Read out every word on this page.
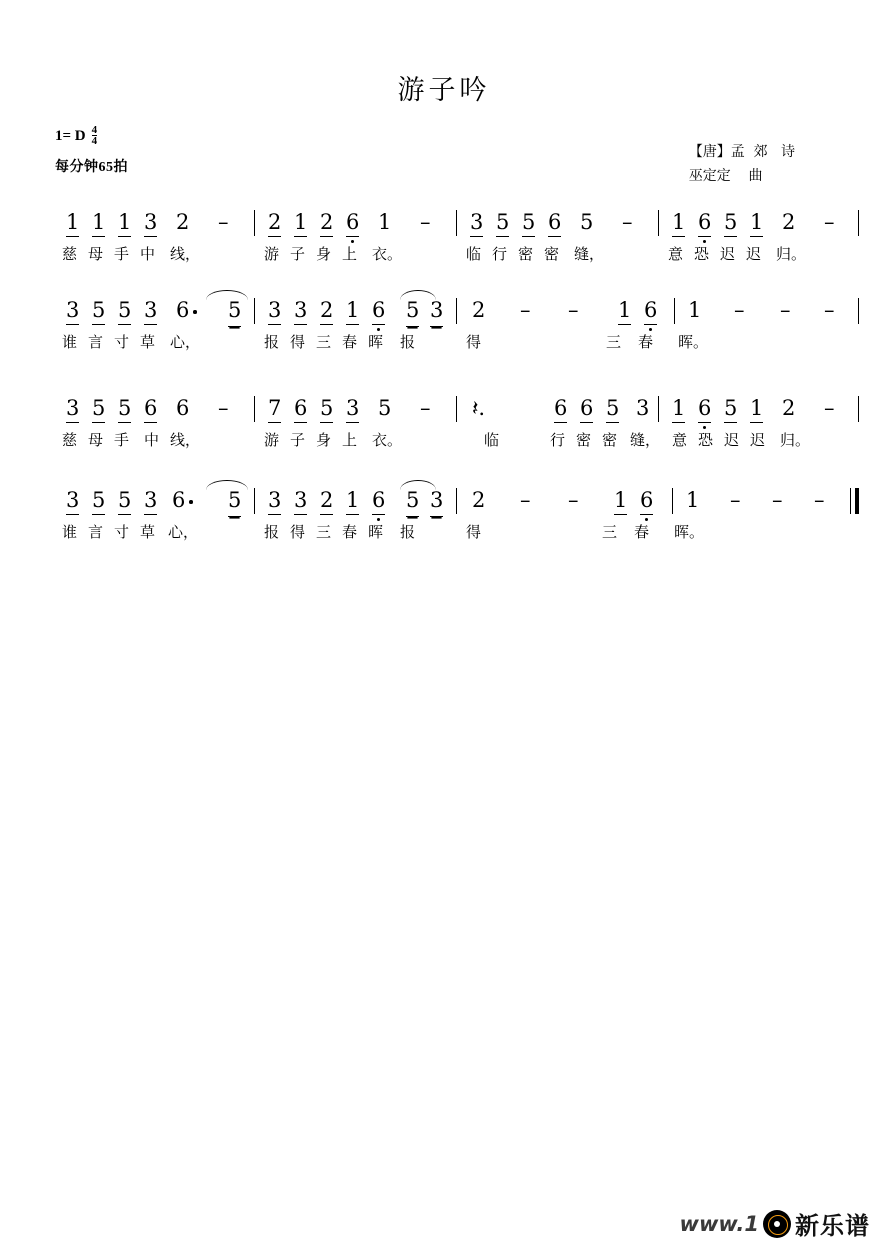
游子吟
1= D $\frac{4}{4}$
每分钟65拍
【唐】孟  郊   诗
巫定定    曲
1 1 1 3 2 – 2 1 2 6 1 – 3 5 5 6 5 – 1 6 5 1 2 –
慈 母 手 中 线，	游 子 身 上 衣。	临 行 密 密 缝，	意 恐 迟 迟 归。
3 5 5 3 6 5 3 3 2 1 6 5 3 2 – – 1 6 1 – – –
谁 言 寸 草 心，	报 得 三 春 晖 报	得	三 春 晖。
3 5 5 6 6 – 7 6 5 3 5 – 𝄽.	6 6 5 3 1 6 5 1 2 –
慈 母 手 中 线，	游 子 身 上 衣。	临	行 密 密 缝， 意 恐 迟 迟 归。
3 5 5 3 6 5 3 3 2 1 6 5 3 2 – – 1 6 1 – – –
谁 言 寸 草 心，	报 得 三 春 晖 报	得	三 春 晖。
www.1 新乐谱
